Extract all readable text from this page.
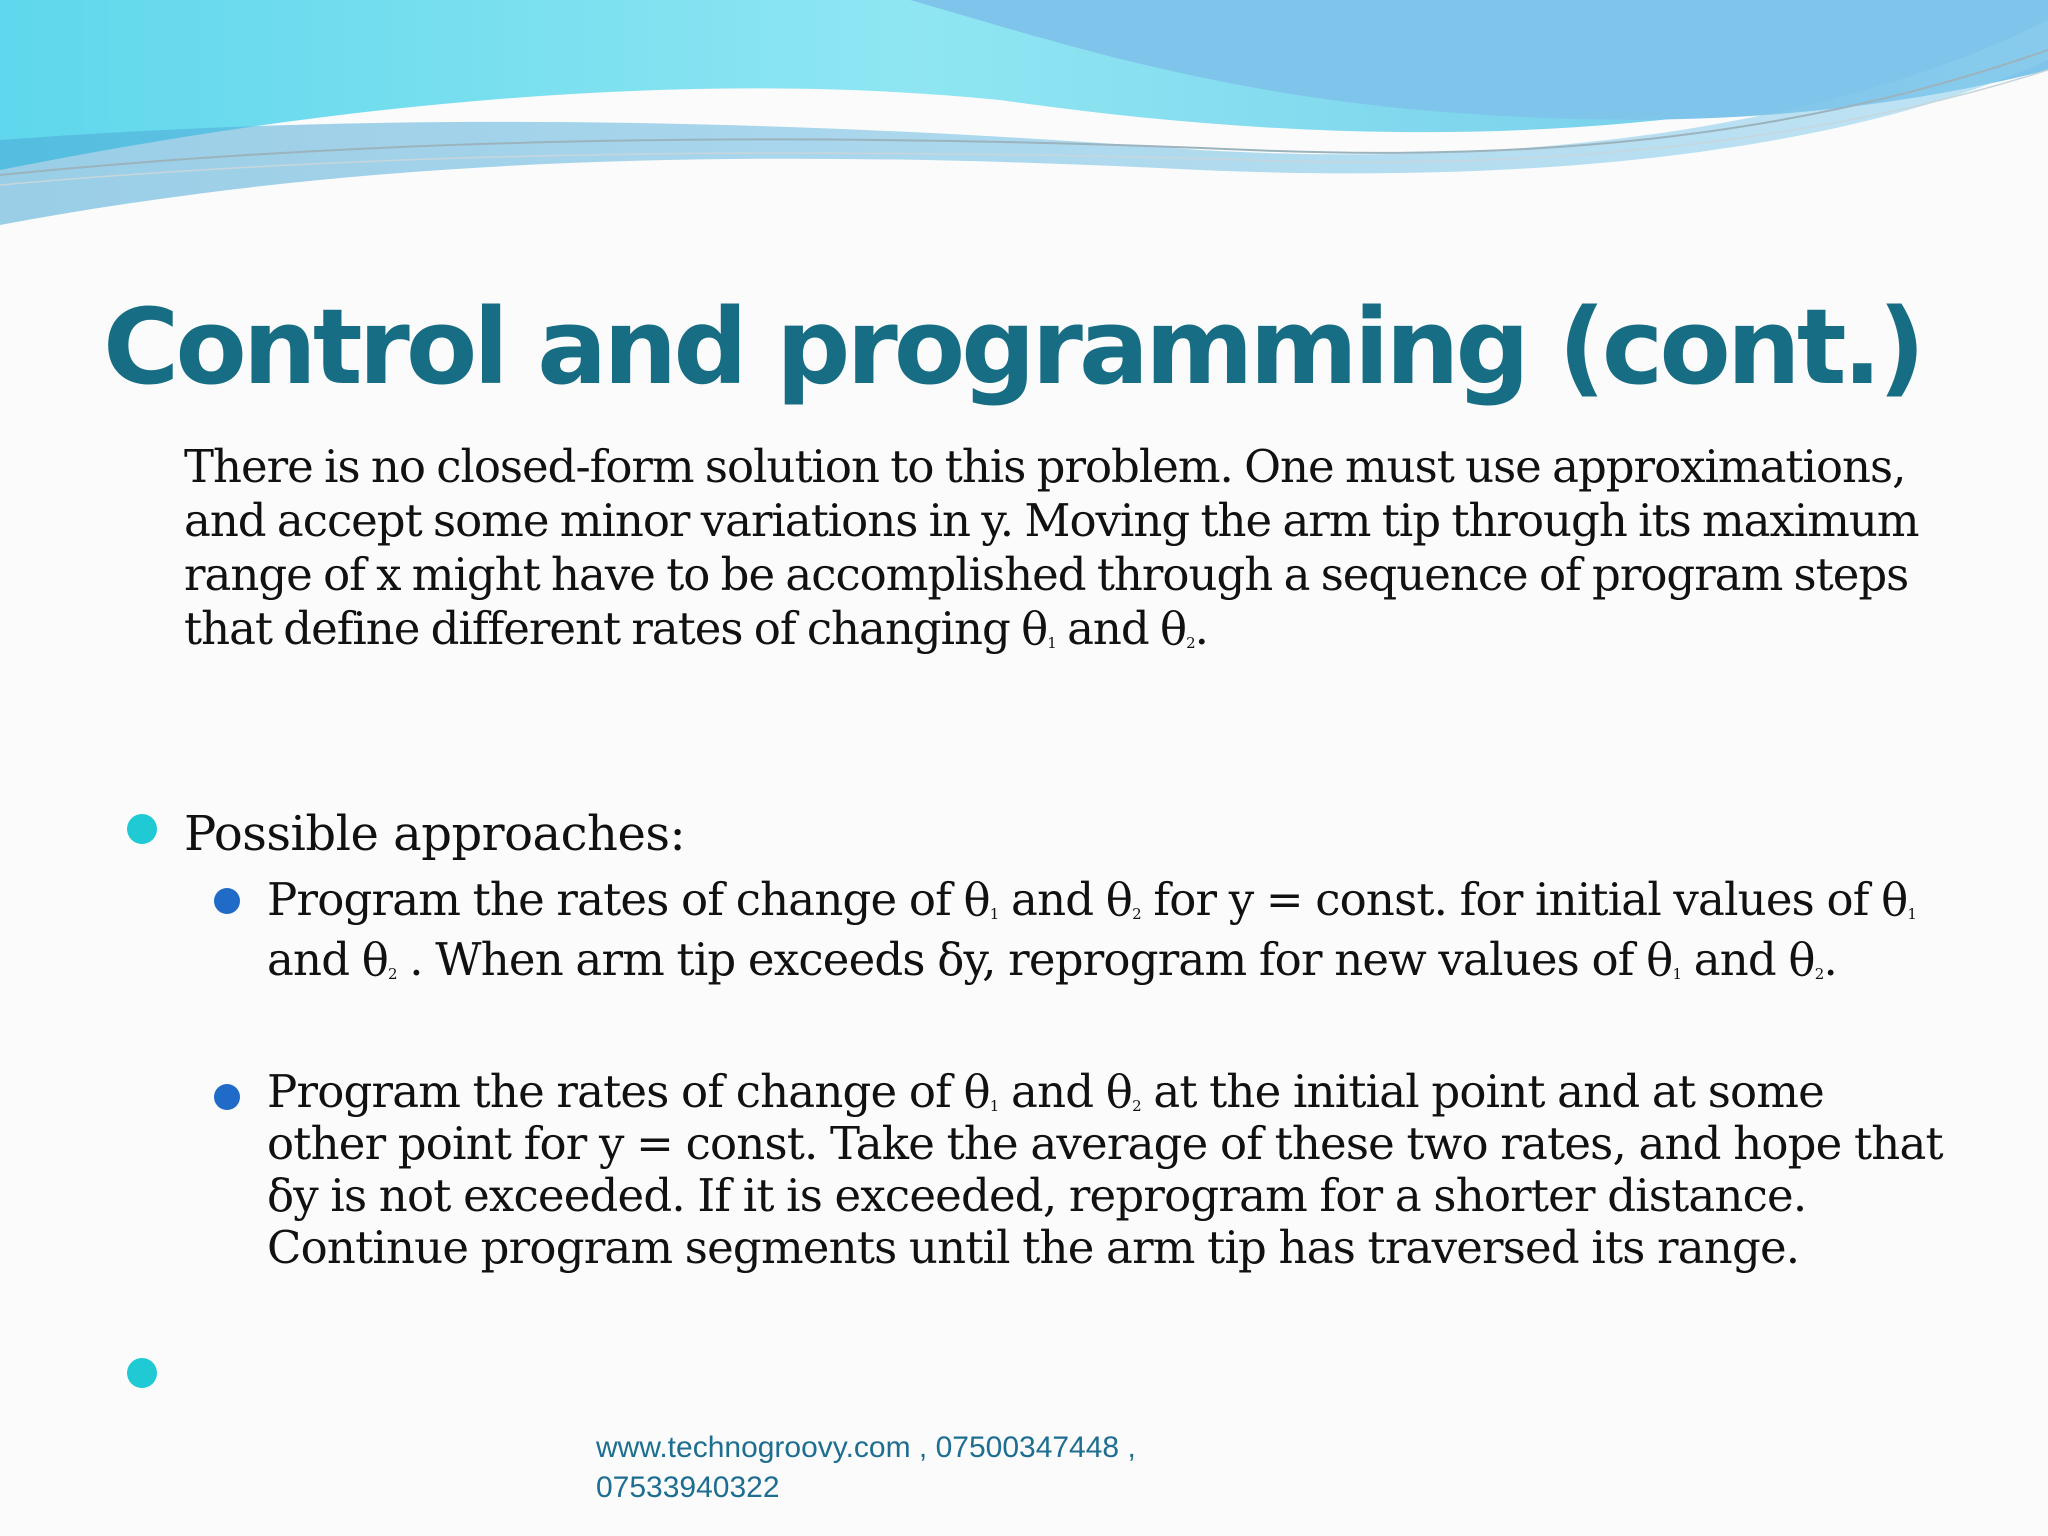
Control and programming (cont.)

There is no closed-form solution to this problem. One must use approximations, and accept some minor variations in y. Moving the arm tip through its maximum range of x might have to be accomplished through a sequence of program steps that define different rates of changing $\theta_1$ and $\theta_2$.

Possible approaches:

Program the rates of change of $\theta_1$ and $\theta_2$ for y = const. for initial values of $\theta_1$ and $\theta_2$ . When arm tip exceeds δy, reprogram for new values of $\theta_1$ and $\theta_2$.

Program the rates of change of $\theta_1$ and $\theta_2$ at the initial point and at some other point for y = const. Take the average of these two rates, and hope that δy is not exceeded. If it is exceeded, reprogram for a shorter distance. Continue program segments until the arm tip has traversed its range.

www.technogroovy.com , 07500347448 , 07533940322
